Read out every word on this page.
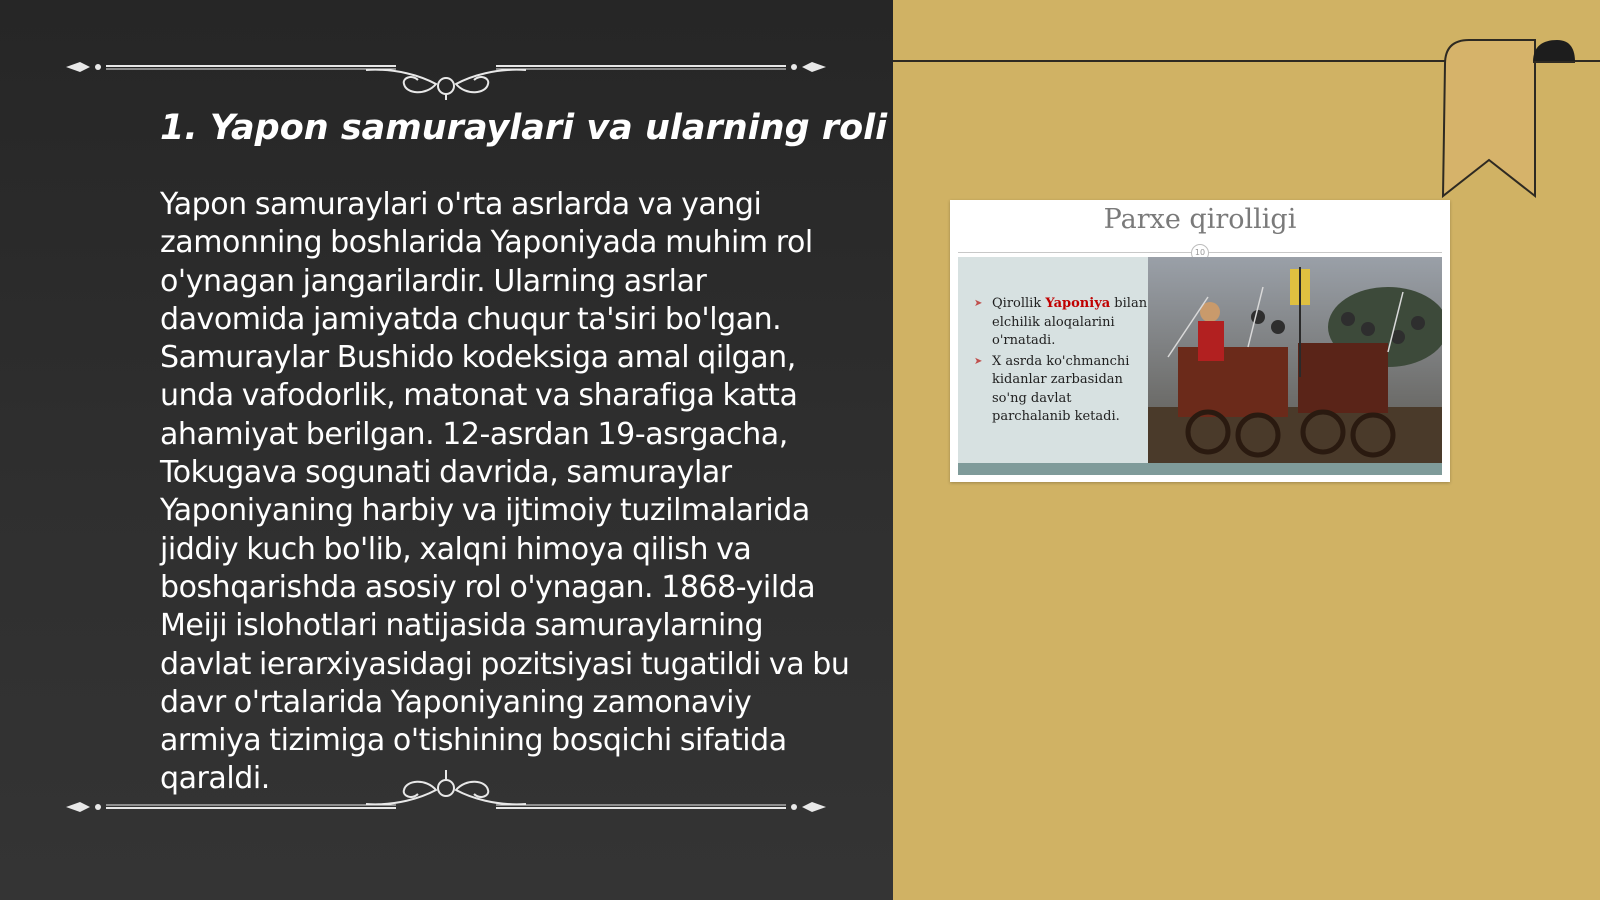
1. Yapon samuraylari va ularning roli

Yapon samuraylari o'rta asrlarda va yangi zamonning boshlarida Yaponiyada muhim rol o'ynagan jangarilardir. Ularning asrlar davomida jamiyatda chuqur ta'siri bo'lgan. Samuraylar Bushido kodeksiga amal qilgan, unda vafodorlik, matonat va sharafiga katta ahamiyat berilgan. 12-asrdan 19-asrgacha, Tokugava sogunati davrida, samuraylar Yaponiyaning harbiy va ijtimoiy tuzilmalarida jiddiy kuch bo'lib, xalqni himoya qilish va boshqarishda asosiy rol o'ynagan. 1868-yilda Meiji islohotlari natijasida samuraylarning davlat ierarxiyasidagi pozitsiyasi tugatildi va bu davr o'rtalarida Yaponiyaning zamonaviy armiya tizimiga o'tishining bosqichi sifatida qaraldi.

Parxe qirolligi
10
➤ Qirollik Yaponiya bilan elchilik aloqalarini o'rnatadi.
➤ X asrda ko'chmanchi kidanlar zarbasidan so'ng davlat parchalanib ketadi.
